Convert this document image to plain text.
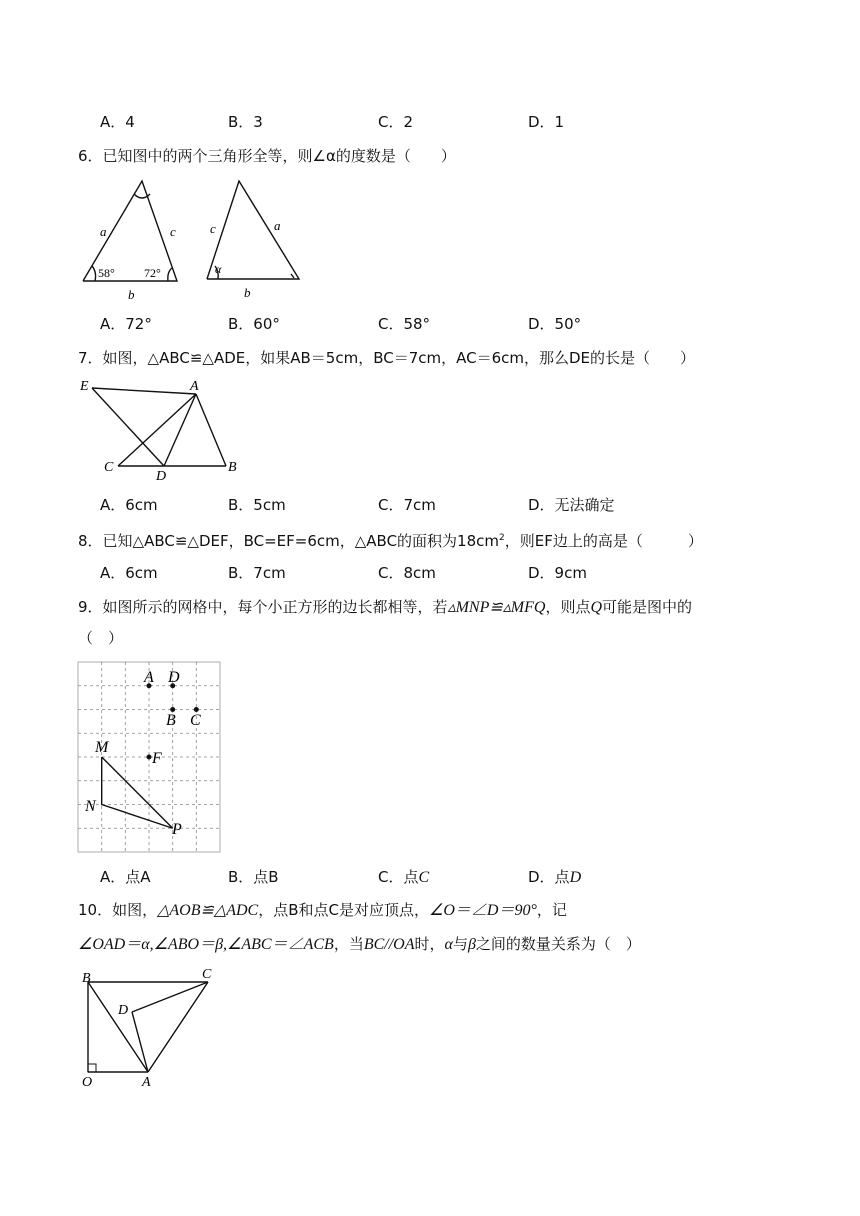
A．4	B．3	C．2	D．1
6．已知图中的两个三角形全等，则∠α的度数是（　　）
a	c
58° 72°
b
c	a
α
b
A．72°	B．60°	C．58°	D．50°
7．如图，△ABC≌△ADE，如果AB＝5cm，BC＝7cm，AC＝6cm，那么DE的长是（　　）
E	A
C
D
B
A．6cm	B．5cm	C．7cm	D．无法确定
8．已知△ABC≌△DEF，BC=EF=6cm，△ABC的面积为$18cm^2$，则EF边上的高是（　　　）
A．6cm	B．7cm	C．8cm	D．9cm
9．如图所示的网格中，每个小正方形的边长都相等，若▵MNP≌▵MFQ，则点Q可能是图中的
（　）
A D
B C
M
F
N
P
A．点A	B．点B	C．点C	D．点D
10．如图，△AOB≌△ADC，点B和点C是对应顶点，∠O＝∠D＝90°，记
∠OAD＝α,∠ABO＝β,∠ABC＝∠ACB，当BC//OA时，α与β之间的数量关系为（　）
B	C
D
O	A
